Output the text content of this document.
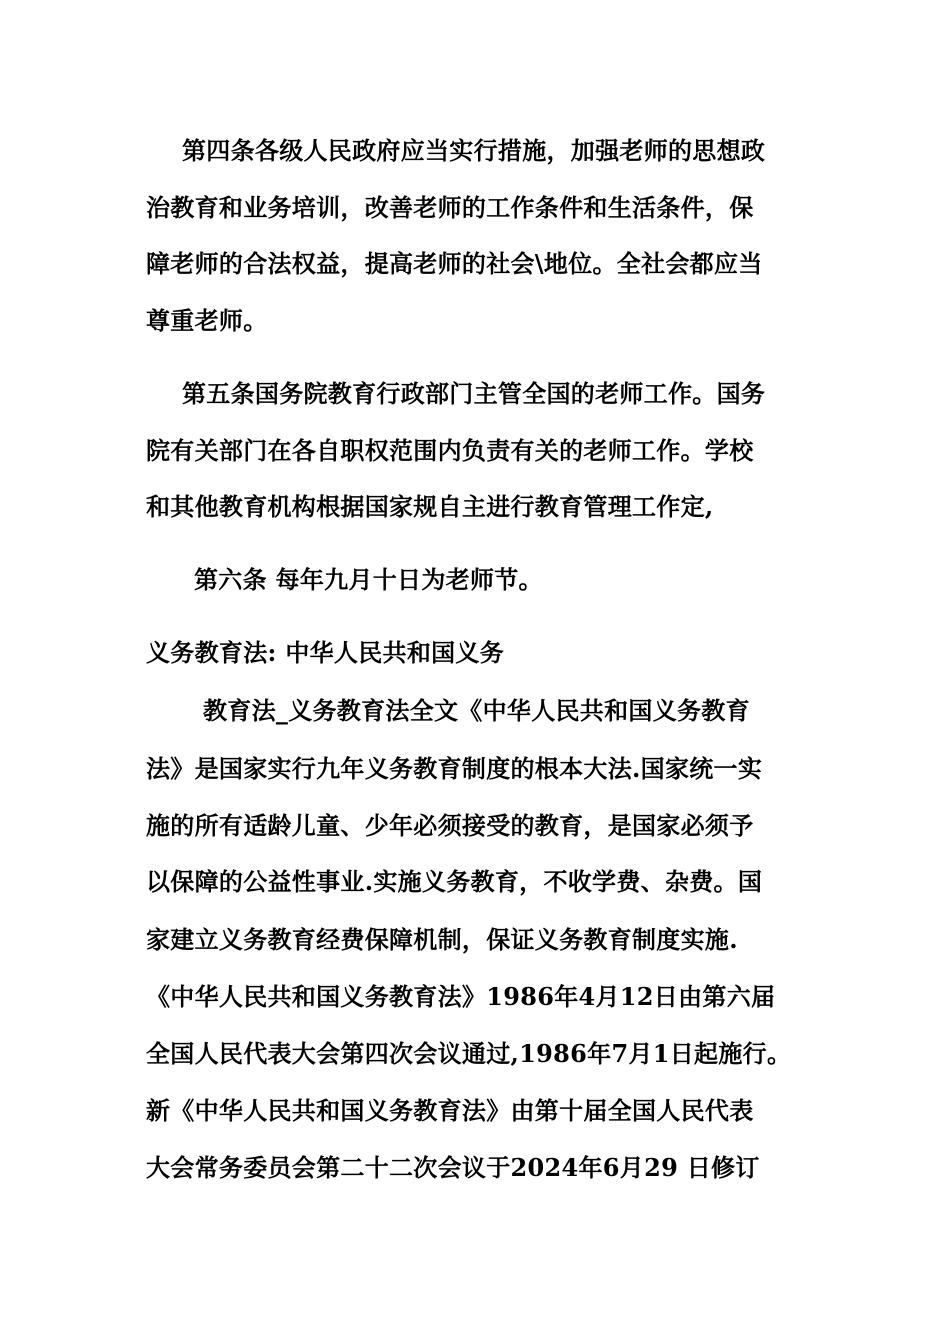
第四条各级人民政府应当实行措施，加强老师的思想政
治教育和业务培训，改善老师的工作条件和生活条件，保
障老师的合法权益，提高老师的社会\地位。全社会都应当
尊重老师。
第五条国务院教育行政部门主管全国的老师工作。国务
院有关部门在各自职权范围内负责有关的老师工作。学校
和其他教育机构根据国家规自主进行教育管理工作定,
第六条 每年九月十日为老师节。
义务教育法: 中华人民共和国义务
教育法_义务教育法全文《中华人民共和国义务教育
法》是国家实行九年义务教育制度的根本大法.国家统一实
施的所有适龄儿童、少年必须接受的教育，是国家必须予
以保障的公益性事业.实施义务教育，不收学费、杂费。国
家建立义务教育经费保障机制，保证义务教育制度实施.
《中华人民共和国义务教育法》1986年4月12日由第六届
全国人民代表大会第四次会议通过,1986年7月1日起施行。
新《中华人民共和国义务教育法》由第十届全国人民代表
大会常务委员会第二十二次会议于2024年6月29 日修订
